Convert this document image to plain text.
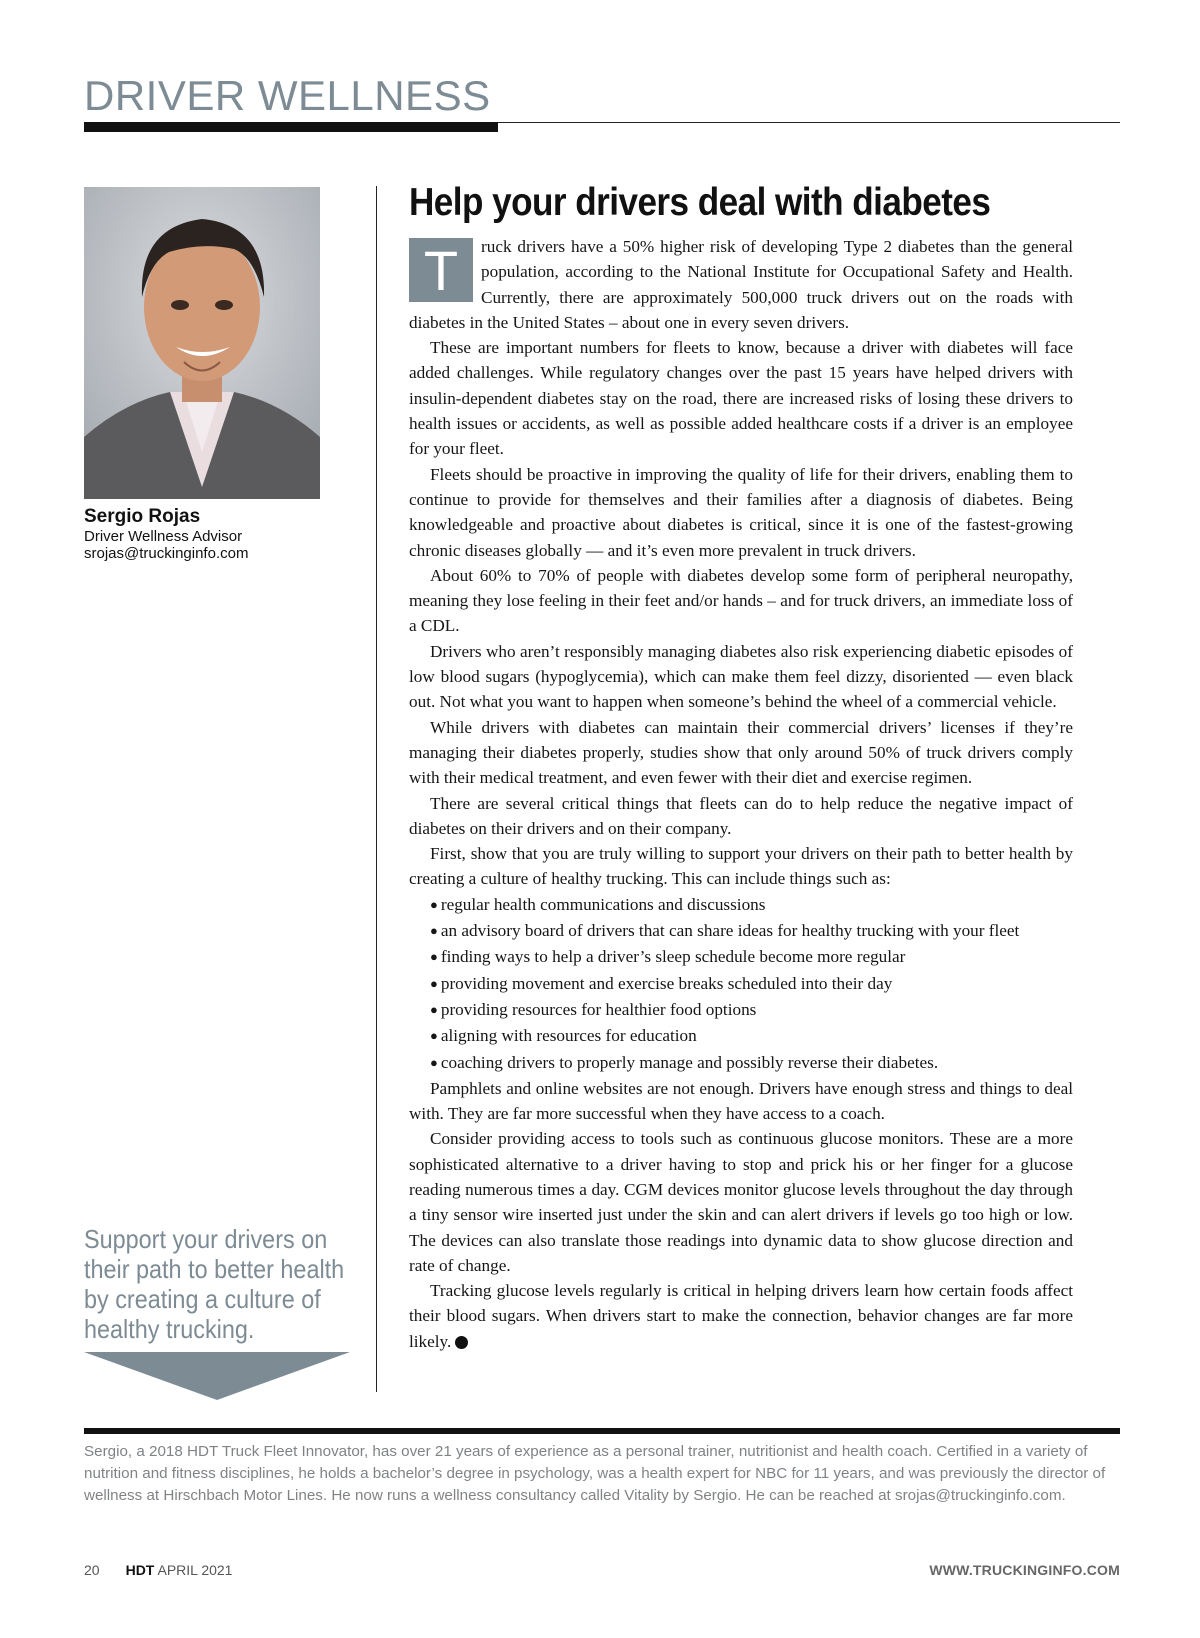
DRIVER WELLNESS
Sergio Rojas
Driver Wellness Advisor
srojas@truckinginfo.com

Support your drivers on their path to better health by creating a culture of healthy trucking.

Help your drivers deal with diabetes

T	ruck drivers have a 50% higher risk of developing Type 2 diabetes than the general population, according to the National Institute for Occupational Safety and Health. Currently, there are approximately 500,000 truck drivers out on the roads with diabetes in the United States – about one in every seven drivers.

These are important numbers for fleets to know, because a driver with diabetes will face added challenges. While regulatory changes over the past 15 years have helped drivers with insulin-dependent diabetes stay on the road, there are increased risks of losing these drivers to health issues or accidents, as well as possible added healthcare costs if a driver is an employee for your fleet.

Fleets should be proactive in improving the quality of life for their drivers, enabling them to continue to provide for themselves and their families after a diagnosis of diabetes. Being knowledgeable and proactive about diabetes is critical, since it is one of the fastest-growing chronic diseases globally — and it’s even more prevalent in truck drivers.

About 60% to 70% of people with diabetes develop some form of peripheral neuropathy, meaning they lose feeling in their feet and/or hands – and for truck drivers, an immediate loss of a CDL.

Drivers who aren’t responsibly managing diabetes also risk experiencing diabetic episodes of low blood sugars (hypoglycemia), which can make them feel dizzy, disoriented — even black out. Not what you want to happen when someone’s behind the wheel of a commercial vehicle.

While drivers with diabetes can maintain their commercial drivers’ licenses if they’re managing their diabetes properly, studies show that only around 50% of truck drivers comply with their medical treatment, and even fewer with their diet and exercise regimen.

There are several critical things that fleets can do to help reduce the negative impact of diabetes on their drivers and on their company.

First, show that you are truly willing to support your drivers on their path to better health by creating a culture of healthy trucking. This can include things such as:

● regular health communications and discussions
● an advisory board of drivers that can share ideas for healthy trucking with your fleet
● finding ways to help a driver’s sleep schedule become more regular
● providing movement and exercise breaks scheduled into their day
● providing resources for healthier food options
● aligning with resources for education
● coaching drivers to properly manage and possibly reverse their diabetes.

Pamphlets and online websites are not enough. Drivers have enough stress and things to deal with. They are far more successful when they have access to a coach.

Consider providing access to tools such as continuous glucose monitors. These are a more sophisticated alternative to a driver having to stop and prick his or her finger for a glucose reading numerous times a day. CGM devices monitor glucose levels throughout the day through a tiny sensor wire inserted just under the skin and can alert drivers if levels go too high or low. The devices can also translate those readings into dynamic data to show glucose direction and rate of change.

Tracking glucose levels regularly is critical in helping drivers learn how certain foods affect their blood sugars. When drivers start to make the connection, behavior changes are far more likely.	HDT

Sergio, a 2018 HDT Truck Fleet Innovator, has over 21 years of experience as a personal trainer, nutritionist and health coach. Certified in a variety of nutrition and fitness disciplines, he holds a bachelor’s degree in psychology, was a health expert for NBC for 11 years, and was previously the director of wellness at Hirschbach Motor Lines. He now runs a wellness consultancy called Vitality by Sergio. He can be reached at srojas@truckinginfo.com.

20 HDT APRIL 2021	WWW.TRUCKINGINFO.COM
